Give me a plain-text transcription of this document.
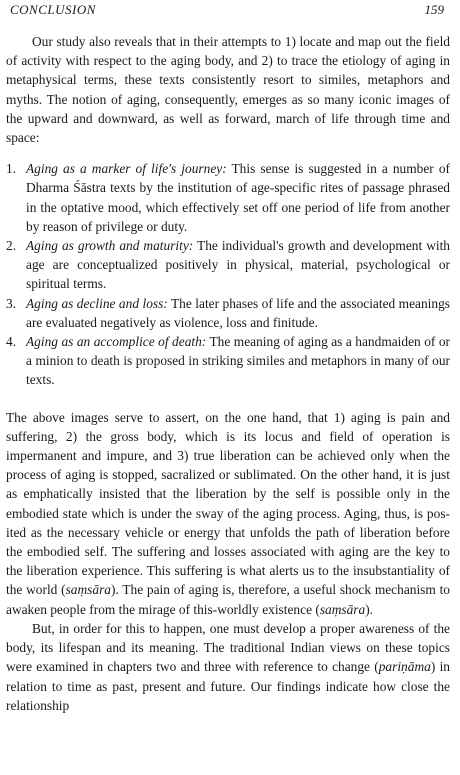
CONCLUSION	159

Our study also reveals that in their attempts to 1) locate and map out the field of activity with respect to the aging body, and 2) to trace the etiology of aging in metaphysical terms, these texts consistently resort to similes, metaphors and myths. The notion of aging, consequently, emerges as so many iconic images of the upward and downward, as well as forward, march of life through time and space:

1. Aging as a marker of life's journey: This sense is suggested in a number of Dharma Śāstra texts by the institution of age-specific rites of passage phrased in the optative mood, which effectively set off one period of life from another by reason of privilege or duty.
2. Aging as growth and maturity: The individual's growth and development with age are conceptualized positively in physical, material, psychological or spiritual terms.
3. Aging as decline and loss: The later phases of life and the associated meanings are evaluated negatively as violence, loss and finitude.
4. Aging as an accomplice of death: The meaning of aging as a handmaiden of or a minion to death is proposed in striking similes and metaphors in many of our texts.

The above images serve to assert, on the one hand, that 1) aging is pain and suffering, 2) the gross body, which is its locus and field of operation is impermanent and impure, and 3) true liberation can be achieved only when the process of aging is stopped, sacralized or sublimated. On the other hand, it is just as emphatically insisted that the liberation by the self is possible only in the embodied state which is under the sway of the aging process. Aging, thus, is posited as the necessary vehicle or energy that unfolds the path of liberation before the embodied self. The suffering and losses associated with aging are the key to the liberation experience. This suffering is what alerts us to the insubstantiality of the world (saṃsāra). The pain of aging is, therefore, a useful shock mechanism to awaken people from the mirage of this-worldly existence (saṃsāra).

But, in order for this to happen, one must develop a proper awareness of the body, its lifespan and its meaning. The traditional Indian views on these topics were examined in chapters two and three with reference to change (pariṇāma) in relation to time as past, present and future. Our findings indicate how close the relationship
